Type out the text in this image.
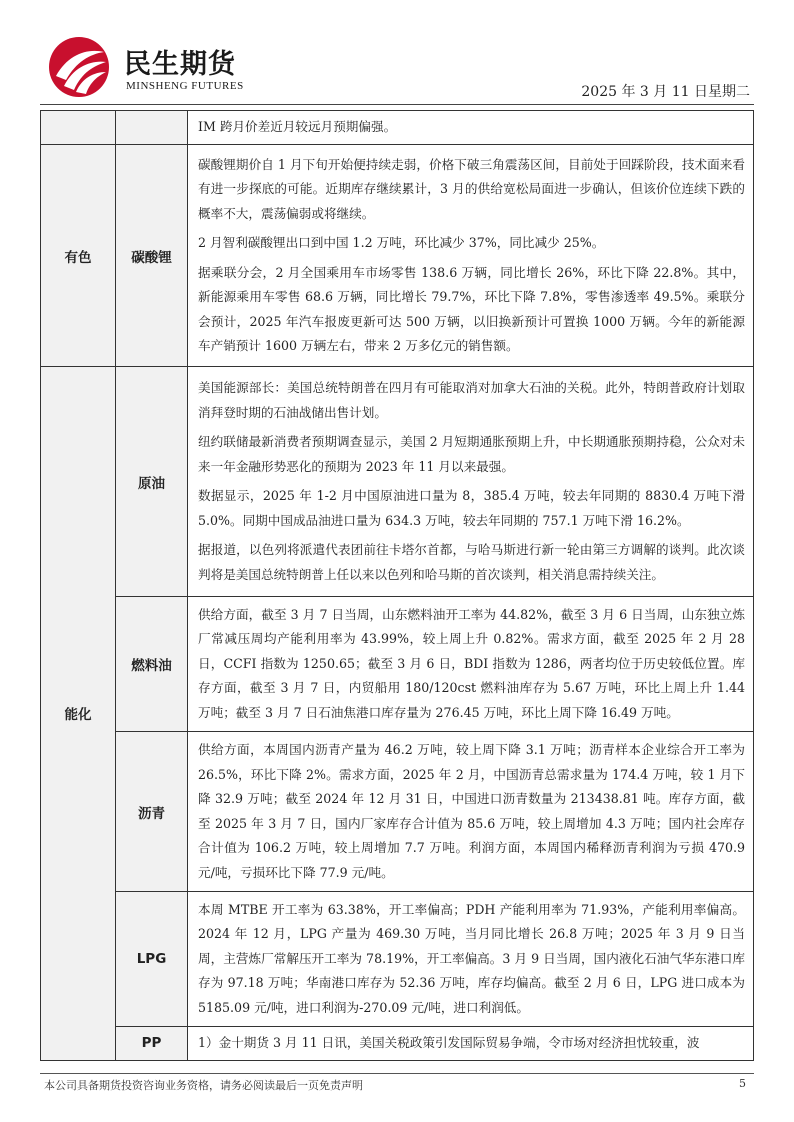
民生期货
MINSHENG FUTURES	2025 年 3 月 11 日星期二

		IM 跨月价差近月较远月预期偏强。

有色	碳酸锂	碳酸锂期价自 1 月下旬开始便持续走弱，价格下破三角震荡区间，目前处于回踩阶段，技术面来看有进一步探底的可能。近期库存继续累计，3 月的供给宽松局面进一步确认，但该价位连续下跌的概率不大，震荡偏弱或将继续。

2 月智利碳酸锂出口到中国 1.2 万吨，环比减少 37%，同比减少 25%。

据乘联分会，2 月全国乘用车市场零售 138.6 万辆，同比增长 26%，环比下降 22.8%。其中，新能源乘用车零售 68.6 万辆，同比增长 79.7%，环比下降 7.8%，零售渗透率 49.5%。乘联分会预计，2025 年汽车报废更新可达 500 万辆，以旧换新预计可置换 1000 万辆。今年的新能源车产销预计 1600 万辆左右，带来 2 万多亿元的销售额。

能化	原油	美国能源部长：美国总统特朗普在四月有可能取消对加拿大石油的关税。此外，特朗普政府计划取消拜登时期的石油战储出售计划。

纽约联储最新消费者预期调查显示，美国 2 月短期通胀预期上升，中长期通胀预期持稳，公众对未来一年金融形势恶化的预期为 2023 年 11 月以来最强。

数据显示，2025 年 1-2 月中国原油进口量为 8，385.4 万吨，较去年同期的 8830.4 万吨下滑 5.0%。同期中国成品油进口量为 634.3 万吨，较去年同期的 757.1 万吨下滑 16.2%。

据报道，以色列将派遣代表团前往卡塔尔首都，与哈马斯进行新一轮由第三方调解的谈判。此次谈判将是美国总统特朗普上任以来以色列和哈马斯的首次谈判，相关消息需持续关注。

	燃料油	供给方面，截至 3 月 7 日当周，山东燃料油开工率为 44.82%，截至 3 月 6 日当周，山东独立炼厂常减压周均产能利用率为 43.99%，较上周上升 0.82%。需求方面，截至 2025 年 2 月 28 日，CCFI 指数为 1250.65；截至 3 月 6 日，BDI 指数为 1286，两者均位于历史较低位置。库存方面，截至 3 月 7 日，内贸船用 180/120cst 燃料油库存为 5.67 万吨，环比上周上升 1.44 万吨；截至 3 月 7 日石油焦港口库存量为 276.45 万吨，环比上周下降 16.49 万吨。

	沥青	供给方面，本周国内沥青产量为 46.2 万吨，较上周下降 3.1 万吨；沥青样本企业综合开工率为 26.5%，环比下降 2%。需求方面，2025 年 2 月，中国沥青总需求量为 174.4 万吨，较 1 月下降 32.9 万吨；截至 2024 年 12 月 31 日，中国进口沥青数量为 213438.81 吨。库存方面，截至 2025 年 3 月 7 日，国内厂家库存合计值为 85.6 万吨，较上周增加 4.3 万吨；国内社会库存合计值为 106.2 万吨，较上周增加 7.7 万吨。利润方面，本周国内稀释沥青利润为亏损 470.9 元/吨，亏损环比下降 77.9 元/吨。

	LPG	本周 MTBE 开工率为 63.38%，开工率偏高；PDH 产能利用率为 71.93%，产能利用率偏高。2024 年 12 月，LPG 产量为 469.30 万吨，当月同比增长 26.8 万吨；2025 年 3 月 9 日当周，主营炼厂常解压开工率为 78.19%，开工率偏高。3 月 9 日当周，国内液化石油气华东港口库存为 97.18 万吨；华南港口库存为 52.36 万吨，库存均偏高。截至 2 月 6 日，LPG 进口成本为 5185.09 元/吨，进口利润为-270.09 元/吨，进口利润低。

	PP	1）金十期货 3 月 11 日讯，美国关税政策引发国际贸易争端，令市场对经济担忧较重，波

本公司具备期货投资咨询业务资格，请务必阅读最后一页免责声明	5
